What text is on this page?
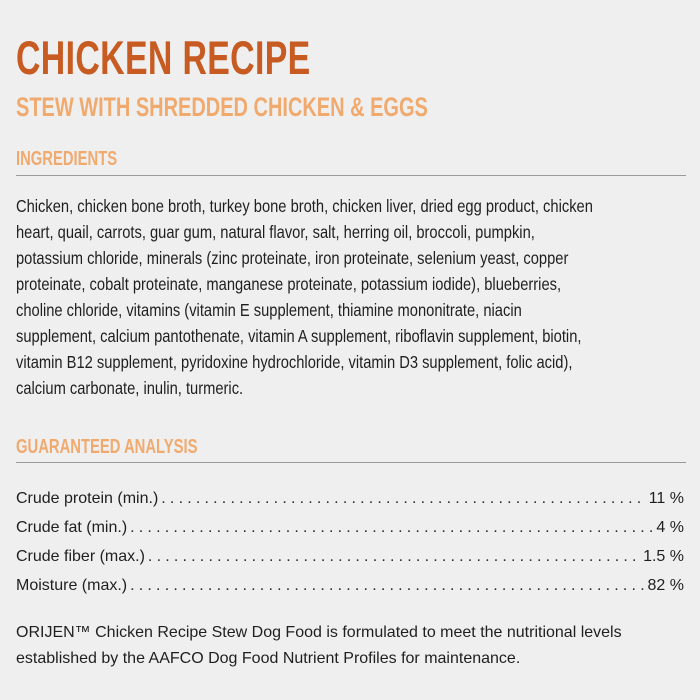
CHICKEN RECIPE
STEW WITH SHREDDED CHICKEN & EGGS
INGREDIENTS

Chicken, chicken bone broth, turkey bone broth, chicken liver, dried egg product, chicken
heart, quail, carrots, guar gum, natural flavor, salt, herring oil, broccoli, pumpkin,
potassium chloride, minerals (zinc proteinate, iron proteinate, selenium yeast, copper
proteinate, cobalt proteinate, manganese proteinate, potassium iodide), blueberries,
choline chloride, vitamins (vitamin E supplement, thiamine mononitrate, niacin
supplement, calcium pantothenate, vitamin A supplement, riboflavin supplement, biotin,
vitamin B12 supplement, pyridoxine hydrochloride, vitamin D3 supplement, folic acid),
calcium carbonate, inulin, turmeric.

GUARANTEED ANALYSIS
Crude protein (min.) .....	11 %
Crude fat (min.) .....	4 %
Crude fiber (max.) .....	1.5 %
Moisture (max.) .....	82 %

ORIJEN™ Chicken Recipe Stew Dog Food is formulated to meet the nutritional levels
established by the AAFCO Dog Food Nutrient Profiles for maintenance.
